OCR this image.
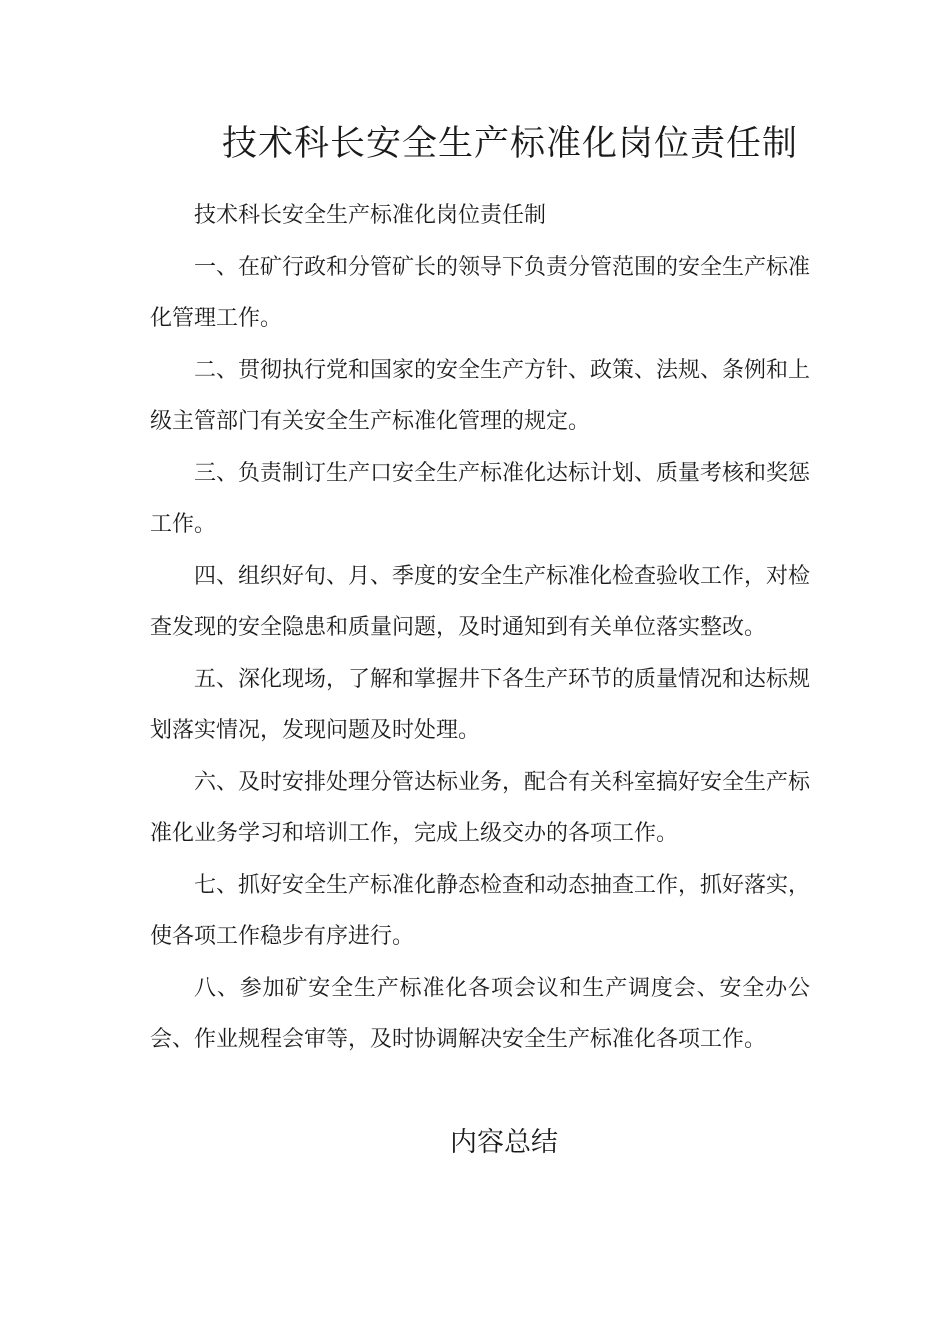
技术科长安全生产标准化岗位责任制

技术科长安全生产标准化岗位责任制

一、在矿行政和分管矿长的领导下负责分管范围的安全生产标准化管理工作。

二、贯彻执行党和国家的安全生产方针、政策、法规、条例和上级主管部门有关安全生产标准化管理的规定。

三、负责制订生产口安全生产标准化达标计划、质量考核和奖惩工作。

四、组织好旬、月、季度的安全生产标准化检查验收工作，对检查发现的安全隐患和质量问题，及时通知到有关单位落实整改。

五、深化现场，了解和掌握井下各生产环节的质量情况和达标规划落实情况，发现问题及时处理。

六、及时安排处理分管达标业务，配合有关科室搞好安全生产标准化业务学习和培训工作，完成上级交办的各项工作。

七、抓好安全生产标准化静态检查和动态抽查工作，抓好落实，使各项工作稳步有序进行。

八、参加矿安全生产标准化各项会议和生产调度会、安全办公会、作业规程会审等，及时协调解决安全生产标准化各项工作。

内容总结
